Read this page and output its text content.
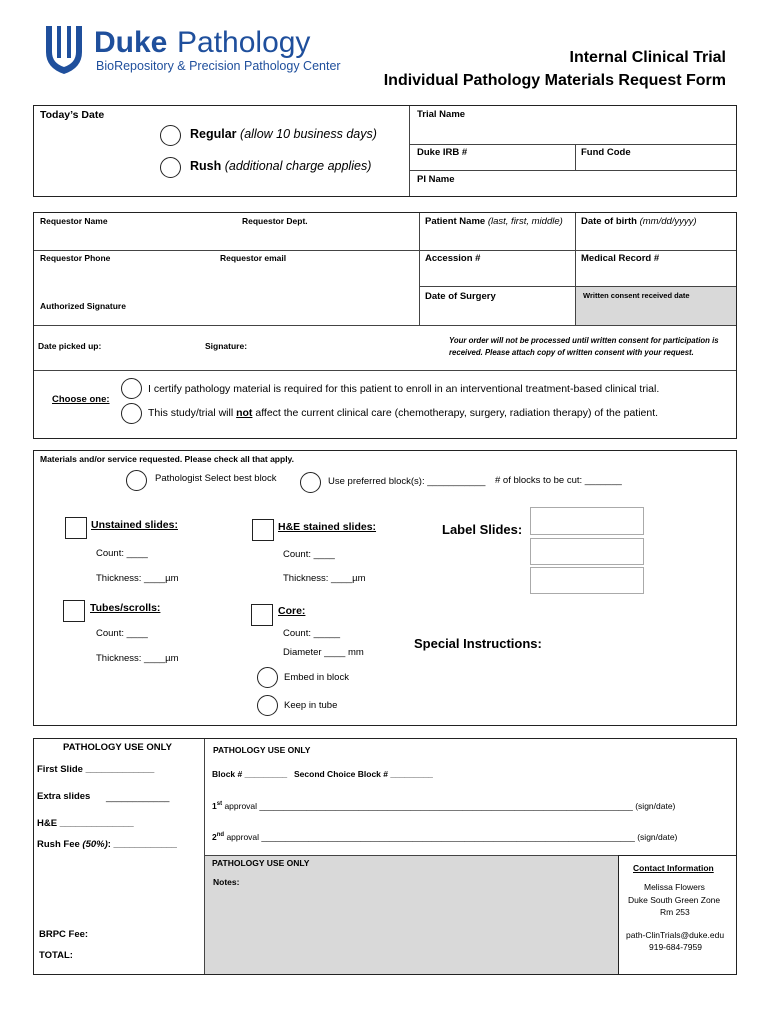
Duke Pathology
BioRepository & Precision Pathology Center	Internal Clinical Trial
Individual Pathology Materials Request Form
Today’s Date
Regular (allow 10 business days)
Rush (additional charge applies)
Trial Name
Duke IRB #	Fund Code
PI Name
Requestor Name	Requestor Dept.
Requestor Phone	Requestor email
Authorized Signature
Date picked up:	Signature:
Patient Name (last, first, middle) Date of birth (mm/dd/yyyy)
Accession #	Medical Record #
Date of Surgery	Written consent received date
Your order will not be processed until written consent for participation is
received. Please attach copy of written consent with your request.
Choose one:
I certify pathology material is required for this patient to enroll in an interventional treatment-based clinical trial.
This study/trial will not affect the current clinical care (chemotherapy, surgery, radiation therapy) of the patient.
Materials and/or service requested. Please check all that apply.
Pathologist Select best block	Use preferred block(s): ___________ # of blocks to be cut: _______
Unstained slides:
Count: ____
Thickness: ____µm
H&E stained slides:
Count: ____
Thickness: ____µm
Label Slides:
Tubes/scrolls:
Count: ____
Thickness: ____µm
Core:
Count: _____
Diameter ____ mm
Embed in block
Keep in tube
Special Instructions:
PATHOLOGY USE ONLY
First Slide _____________
Extra slides ____________
H&E ______________
Rush Fee (50%): ____________
BRPC Fee:
TOTAL:
PATHOLOGY USE ONLY
Block # _________ Second Choice Block # _________
1st approval _______________________________________________________________________________ (sign/date)
2nd approval _______________________________________________________________________________ (sign/date)
PATHOLOGY USE ONLY
Notes:
Contact Information
Melissa Flowers
Duke South Green Zone
Rm 253
path-ClinTrials@duke.edu
919-684-7959
